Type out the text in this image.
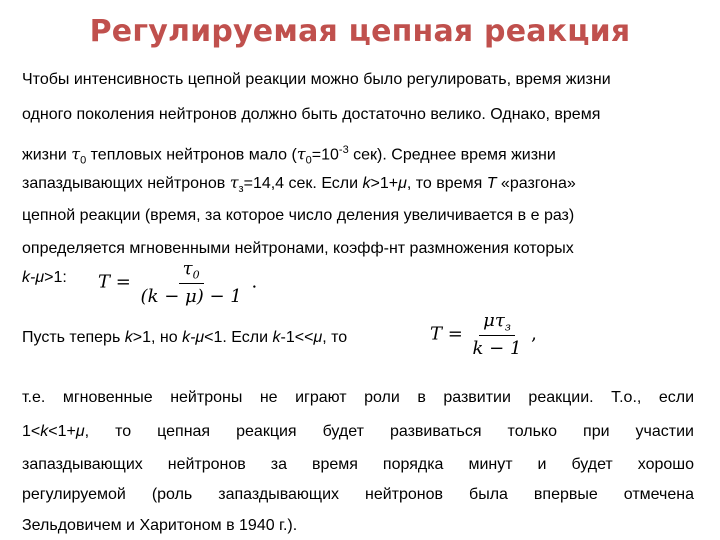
Регулируемая цепная реакция
Чтобы интенсивность цепной реакции можно было регулировать, время жизни
одного поколения нейтронов должно быть достаточно велико. Однако, время
жизни $\tau_0$ тепловых нейтронов мало ($\tau_0=10^{-3}$ сек). Среднее время жизни
запаздывающих нейтронов $\tau_з=14,4$ сек. Если k>1+μ, то время T «разгона»
цепной реакции (время, за которое число деления увеличивается в е раз)
определяется мгновенными нейтронами, коэфф-нт размножения которых
k-μ>1:	$T = \frac{\tau_0}{(k - \mu) - 1}$ .
Пусть теперь k>1, но k-μ<1. Если k-1<<μ, то	$T = \frac{\mu\tau_з}{k - 1}$ ,
т.е. мгновенные нейтроны не играют роли в развитии реакции. Т.о., если
1<k<1+μ, то цепная реакция будет развиваться только при участии
запаздывающих нейтронов за время порядка минут и будет хорошо
регулируемой (роль запаздывающих нейтронов была впервые отмечена
Зельдовичем и Харитоном в 1940 г.).
